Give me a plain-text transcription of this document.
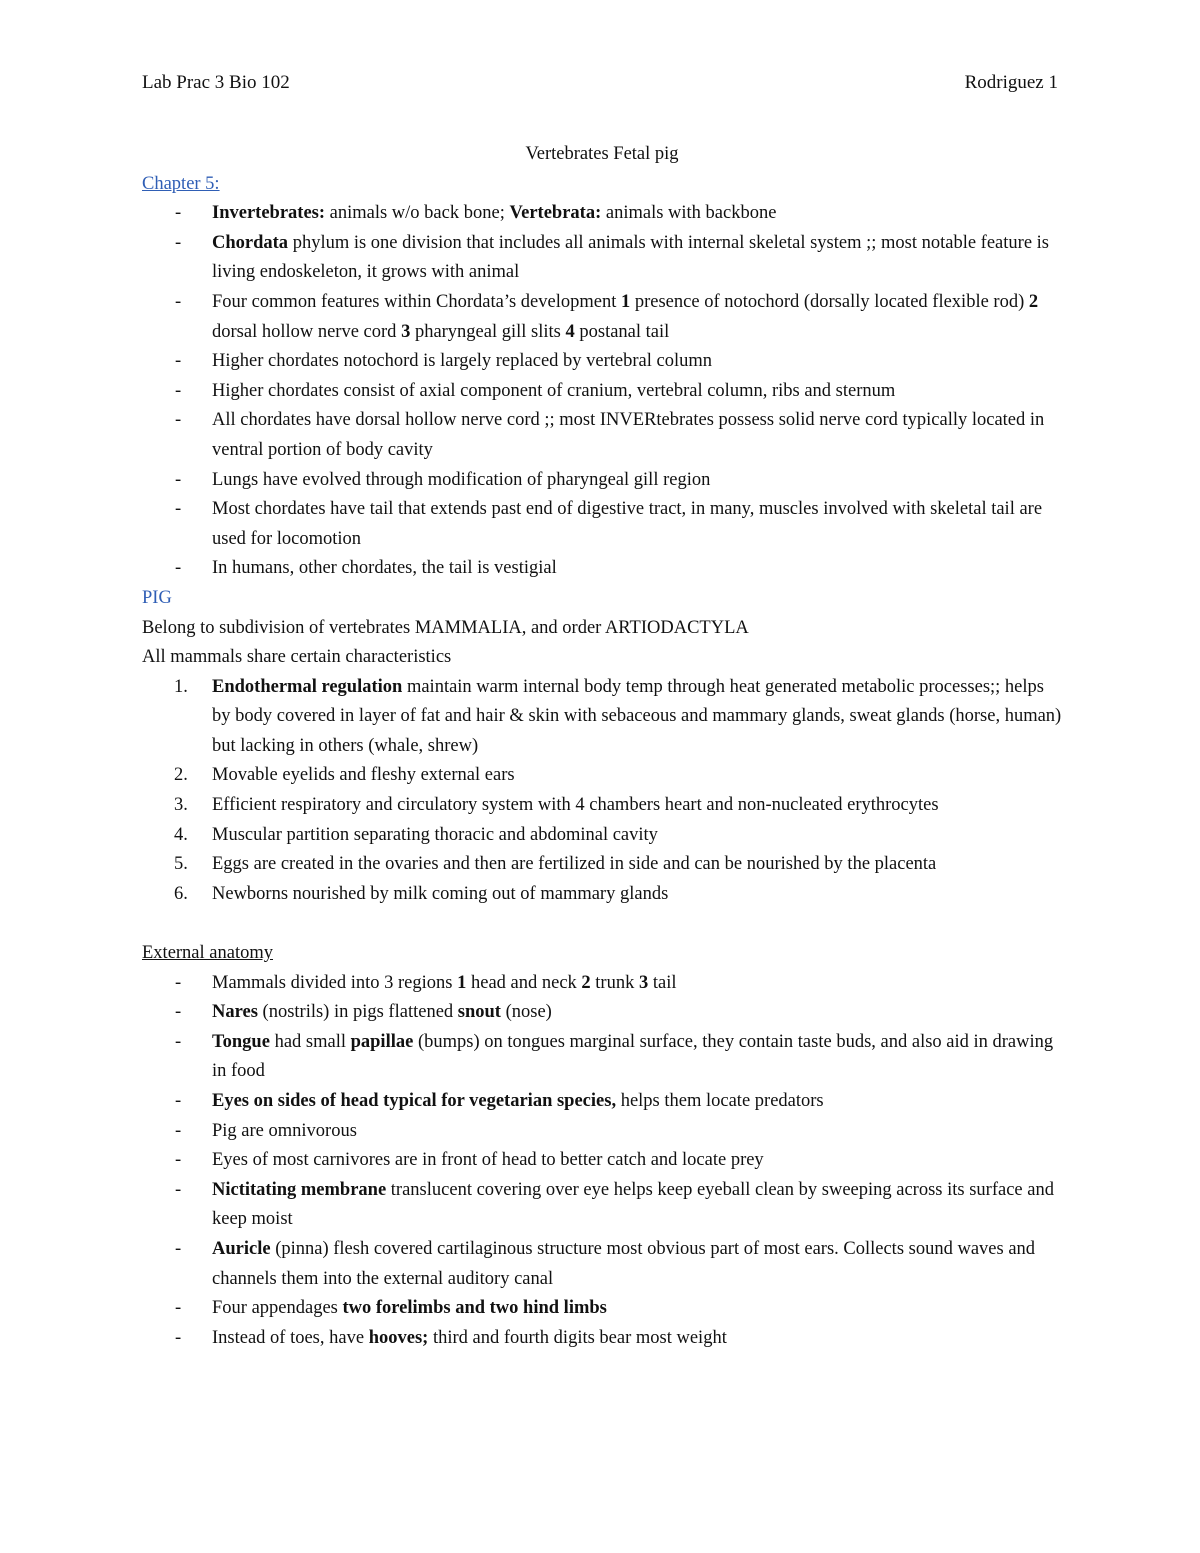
Lab Prac 3 Bio 102	Rodriguez 1
Vertebrates Fetal pig
Chapter 5:
- Invertebrates: animals w/o back bone; Vertebrata: animals with backbone
- Chordata phylum is one division that includes all animals with internal skeletal system ;; most notable feature is living endoskeleton, it grows with animal
- Four common features within Chordata’s development 1 presence of notochord (dorsally located flexible rod) 2 dorsal hollow nerve cord 3 pharyngeal gill slits 4 postanal tail
- Higher chordates notochord is largely replaced by vertebral column
- Higher chordates consist of axial component of cranium, vertebral column, ribs and sternum
- All chordates have dorsal hollow nerve cord ;; most INVERtebrates possess solid nerve cord typically located in ventral portion of body cavity
- Lungs have evolved through modification of pharyngeal gill region
- Most chordates have tail that extends past end of digestive tract, in many, muscles involved with skeletal tail are used for locomotion
- In humans, other chordates, the tail is vestigial
PIG
Belong to subdivision of vertebrates MAMMALIA, and order ARTIODACTYLA
All mammals share certain characteristics
1.	Endothermal regulation maintain warm internal body temp through heat generated metabolic processes;; helps by body covered in layer of fat and hair & skin with sebaceous and mammary glands, sweat glands (horse, human) but lacking in others (whale, shrew)
2.	Movable eyelids and fleshy external ears
3.	Efficient respiratory and circulatory system with 4 chambers heart and non-nucleated erythrocytes
4.	Muscular partition separating thoracic and abdominal cavity
5.	Eggs are created in the ovaries and then are fertilized in side and can be nourished by the placenta
6.	Newborns nourished by milk coming out of mammary glands
External anatomy
- Mammals divided into 3 regions 1 head and neck 2 trunk 3 tail
- Nares (nostrils) in pigs flattened snout (nose)
- Tongue had small papillae (bumps) on tongues marginal surface, they contain taste buds, and also aid in drawing in food
- Eyes on sides of head typical for vegetarian species, helps them locate predators
- Pig are omnivorous
- Eyes of most carnivores are in front of head to better catch and locate prey
- Nictitating membrane translucent covering over eye helps keep eyeball clean by sweeping across its surface and keep moist
- Auricle (pinna) flesh covered cartilaginous structure most obvious part of most ears. Collects sound waves and channels them into the external auditory canal
- Four appendages two forelimbs and two hind limbs
- Instead of toes, have hooves; third and fourth digits bear most weight
